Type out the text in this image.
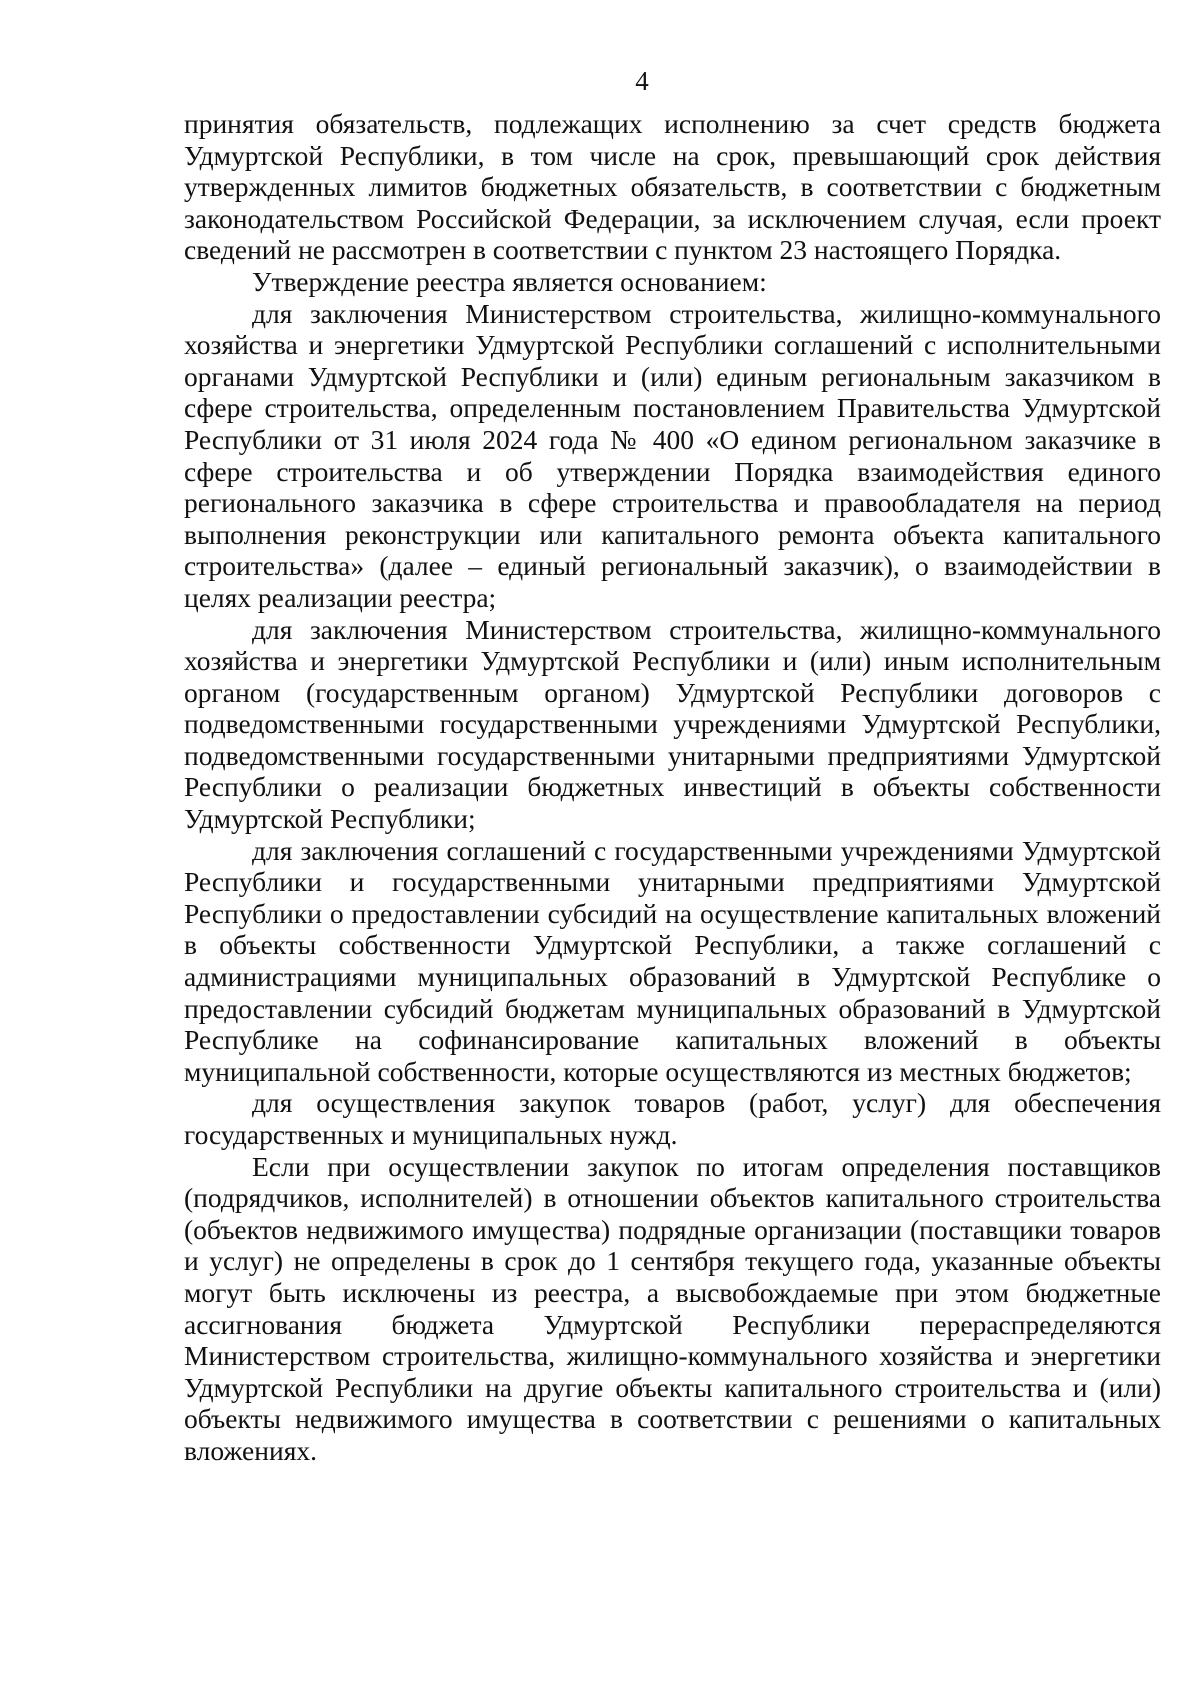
4

принятия обязательств, подлежащих исполнению за счет средств бюджета Удмуртской Республики, в том числе на срок, превышающий срок действия утвержденных лимитов бюджетных обязательств, в соответствии с бюджетным законодательством Российской Федерации, за исключением случая, если проект сведений не рассмотрен в соответствии с пунктом 23 настоящего Порядка.

Утверждение реестра является основанием:

для заключения Министерством строительства, жилищно-коммунального хозяйства и энергетики Удмуртской Республики соглашений с исполнительными органами Удмуртской Республики и (или) единым региональным заказчиком в сфере строительства, определенным постановлением Правительства Удмуртской Республики от 31 июля 2024 года № 400 «О едином региональном заказчике в сфере строительства и об утверждении Порядка взаимодействия единого регионального заказчика в сфере строительства и правообладателя на период выполнения реконструкции или капитального ремонта объекта капитального строительства» (далее – единый региональный заказчик), о взаимодействии в целях реализации реестра;

для заключения Министерством строительства, жилищно-коммунального хозяйства и энергетики Удмуртской Республики и (или) иным исполнительным органом (государственным органом) Удмуртской Республики договоров с подведомственными государственными учреждениями Удмуртской Республики, подведомственными государственными унитарными предприятиями Удмуртской Республики о реализации бюджетных инвестиций в объекты собственности Удмуртской Республики;

для заключения соглашений с государственными учреждениями Удмуртской Республики и государственными унитарными предприятиями Удмуртской Республики о предоставлении субсидий на осуществление капитальных вложений в объекты собственности Удмуртской Республики, а также соглашений с администрациями муниципальных образований в Удмуртской Республике о предоставлении субсидий бюджетам муниципальных образований в Удмуртской Республике на софинансирование капитальных вложений в объекты муниципальной собственности, которые осуществляются из местных бюджетов;

для осуществления закупок товаров (работ, услуг) для обеспечения государственных и муниципальных нужд.

Если при осуществлении закупок по итогам определения поставщиков (подрядчиков, исполнителей) в отношении объектов капитального строительства (объектов недвижимого имущества) подрядные организации (поставщики товаров и услуг) не определены в срок до 1 сентября текущего года, указанные объекты могут быть исключены из реестра, а высвобождаемые при этом бюджетные ассигнования бюджета Удмуртской Республики перераспределяются Министерством строительства, жилищно-коммунального хозяйства и энергетики Удмуртской Республики на другие объекты капитального строительства и (или) объекты недвижимого имущества в соответствии с решениями о капитальных вложениях.
